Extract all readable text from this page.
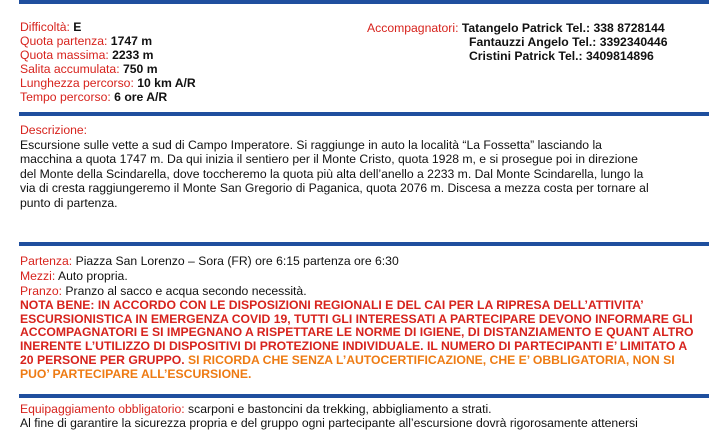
Difficoltà: E
Quota partenza: 1747 m
Quota massima: 2233 m
Salita accumulata: 750 m
Lunghezza percorso: 10 km A/R
Tempo percorso: 6 ore A/R
Accompagnatori: Tatangelo Patrick Tel.: 338 8728144
Fantauzzi Angelo Tel.: 3392340446
Cristini Patrick Tel.: 3409814896
Descrizione:
Escursione sulle vette a sud di Campo Imperatore. Si raggiunge in auto la località “La Fossetta” lasciando la
macchina a quota 1747 m. Da qui inizia il sentiero per il Monte Cristo, quota 1928 m, e si prosegue poi in direzione
del Monte della Scindarella, dove toccheremo la quota più alta dell’anello a 2233 m. Dal Monte Scindarella, lungo la
via di cresta raggiungeremo il Monte San Gregorio di Paganica, quota 2076 m. Discesa a mezza costa per tornare al
punto di partenza.
Partenza: Piazza San Lorenzo – Sora (FR) ore 6:15 partenza ore 6:30
Mezzi: Auto propria.
Pranzo: Pranzo al sacco e acqua secondo necessità.
NOTA BENE: IN ACCORDO CON LE DISPOSIZIONI REGIONALI E DEL CAI PER LA RIPRESA DELL’ATTIVITA’
ESCURSIONISTICA IN EMERGENZA COVID 19, TUTTI GLI INTERESSATI A PARTECIPARE DEVONO INFORMARE GLI
ACCOMPAGNATORI E SI IMPEGNANO A RISPETTARE LE NORME DI IGIENE, DI DISTANZIAMENTO E QUANT ALTRO
INERENTE L’UTILIZZO DI DISPOSITIVI DI PROTEZIONE INDIVIDUALE. IL NUMERO DI PARTECIPANTI E’ LIMITATO A
20 PERSONE PER GRUPPO. SI RICORDA CHE SENZA L’AUTOCERTIFICAZIONE, CHE E’ OBBLIGATORIA, NON SI
PUO’ PARTECIPARE ALL’ESCURSIONE.
Equipaggiamento obbligatorio: scarponi e bastoncini da trekking, abbigliamento a strati.
Al fine di garantire la sicurezza propria e del gruppo ogni partecipante all’escursione dovrà rigorosamente attenersi
